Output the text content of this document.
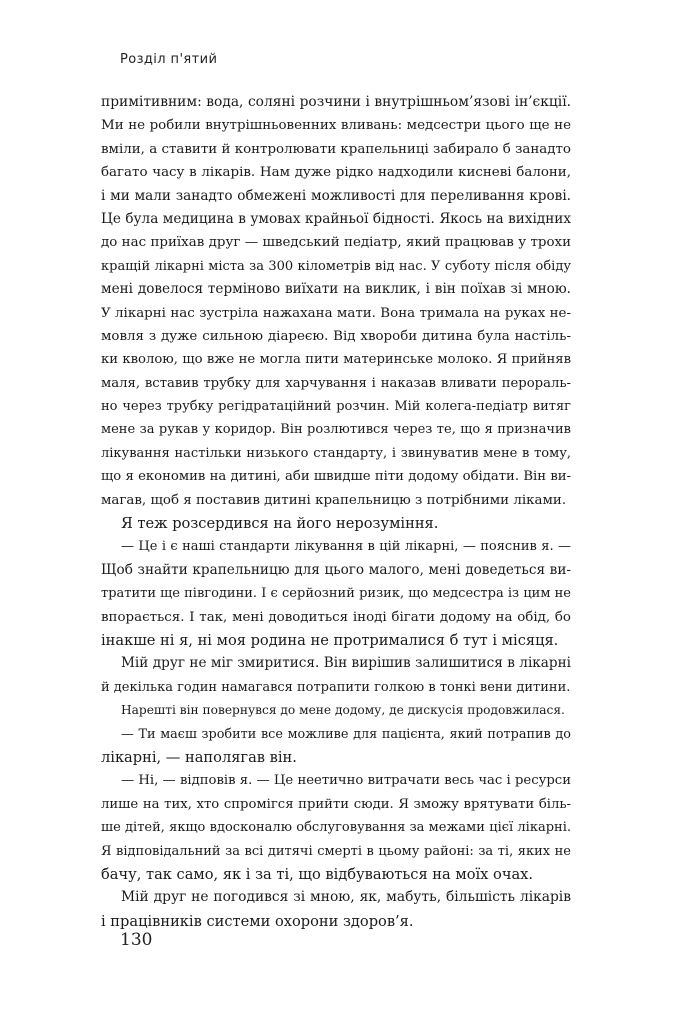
Розділ п'ятий
примітивним: вода, соляні розчини і внутрішньом’язові ін’єкції.
Ми не робили внутрішньовенних вливань: медсестри цього ще не
вміли, а ставити й контролювати крапельниці забирало б занадто
багато часу в лікарів. Нам дуже рідко надходили кисневі балони,
і ми мали занадто обмежені можливості для переливання крові.
Це була медицина в умовах крайньої бідності. Якось на вихідних
до нас приїхав друг — шведський педіатр, який працював у трохи
кращій лікарні міста за 300 кілометрів від нас. У суботу після обіду
мені довелося терміново виїхати на виклик, і він поїхав зі мною.
У лікарні нас зустріла нажахана мати. Вона тримала на руках не-
мовля з дуже сильною діареєю. Від хвороби дитина була настіль-
ки кволою, що вже не могла пити материнське молоко. Я прийняв
маля, вставив трубку для харчування і наказав вливати перораль-
но через трубку регідратаційний розчин. Мій колега-педіатр витяг
мене за рукав у коридор. Він розлютився через те, що я призначив
лікування настільки низького стандарту, і звинуватив мене в тому,
що я економив на дитині, аби швидше піти додому обідати. Він ви-
магав, щоб я поставив дитині крапельницю з потрібними ліками.
Я теж розсердився на його нерозуміння.
— Це і є наші стандарти лікування в цій лікарні, — пояснив я. —
Щоб знайти крапельницю для цього малого, мені доведеться ви-
тратити ще півгодини. І є серйозний ризик, що медсестра із цим не
впорається. І так, мені доводиться іноді бігати додому на обід, бо
інакше ні я, ні моя родина не протрималися б тут і місяця.
Мій друг не міг змиритися. Він вирішив залишитися в лікарні
й декілька годин намагався потрапити голкою в тонкі вени дитини.
Нарешті він повернувся до мене додому, де дискусія продовжилася.
— Ти маєш зробити все можливе для пацієнта, який потрапив до
лікарні, — наполягав він.
— Ні, — відповів я. — Це неетично витрачати весь час і ресурси
лише на тих, хто спромігся прийти сюди. Я зможу врятувати біль-
ше дітей, якщо вдосконалю обслуговування за межами цієї лікарні.
Я відповідальний за всі дитячі смерті в цьому районі: за ті, яких не
бачу, так само, як і за ті, що відбуваються на моїх очах.
Мій друг не погодився зі мною, як, мабуть, більшість лікарів
і працівників системи охорони здоров’я.
130
